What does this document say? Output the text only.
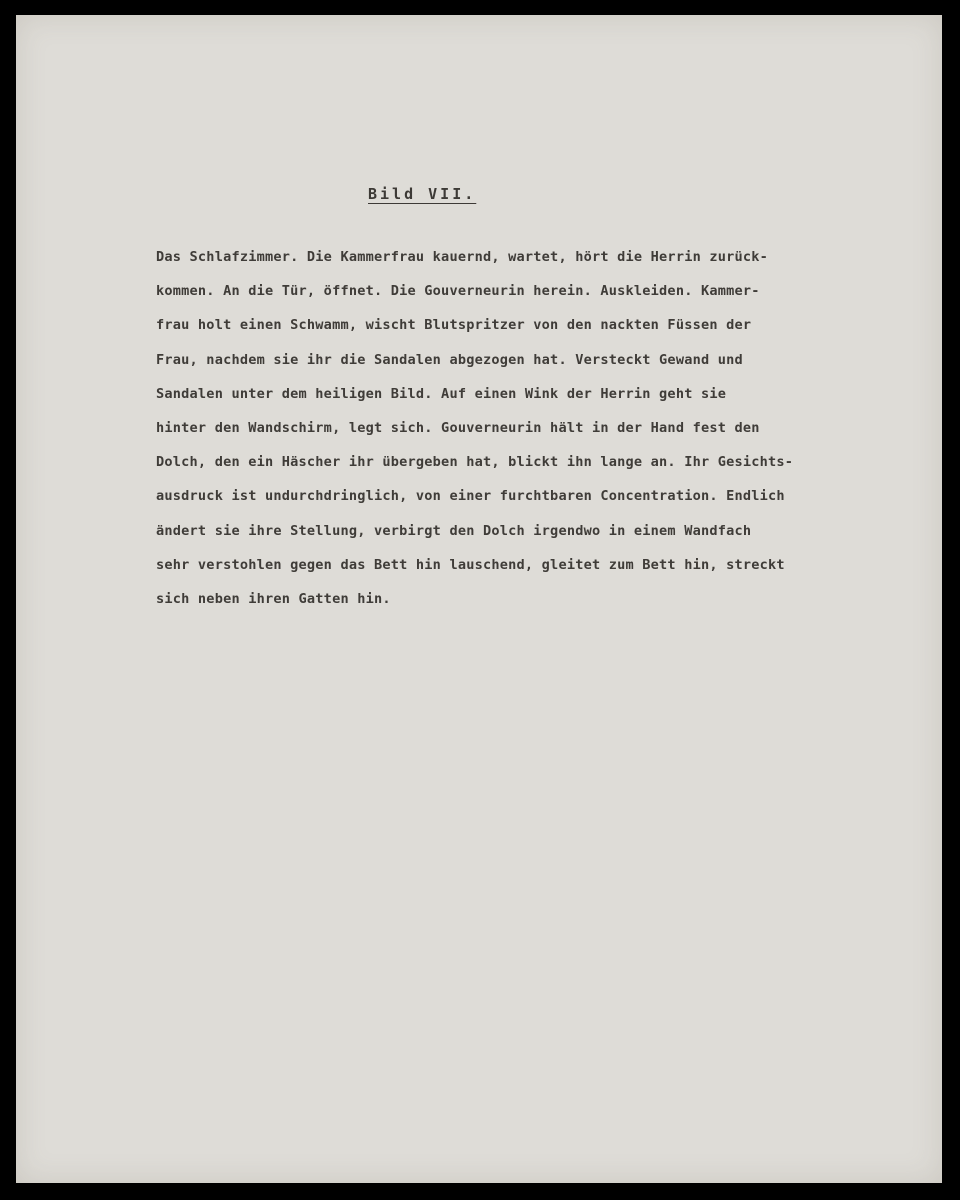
Bild VII.
Das Schlafzimmer. Die Kammerfrau kauernd, wartet, hört die Herrin zurück-
kommen. An die Tür, öffnet. Die Gouverneurin herein. Auskleiden. Kammer-
frau holt einen Schwamm, wischt Blutspritzer von den nackten Füssen der
Frau, nachdem sie ihr die Sandalen abgezogen hat. Versteckt Gewand und
Sandalen unter dem heiligen Bild. Auf einen Wink der Herrin geht sie
hinter den Wandschirm, legt sich. Gouverneurin hält in der Hand fest den
Dolch, den ein Häscher ihr übergeben hat, blickt ihn lange an. Ihr Gesichts-
ausdruck ist undurchdringlich, von einer furchtbaren Concentration. Endlich
ändert sie ihre Stellung, verbirgt den Dolch irgendwo in einem Wandfach
sehr verstohlen gegen das Bett hin lauschend, gleitet zum Bett hin, streckt
sich neben ihren Gatten hin.
